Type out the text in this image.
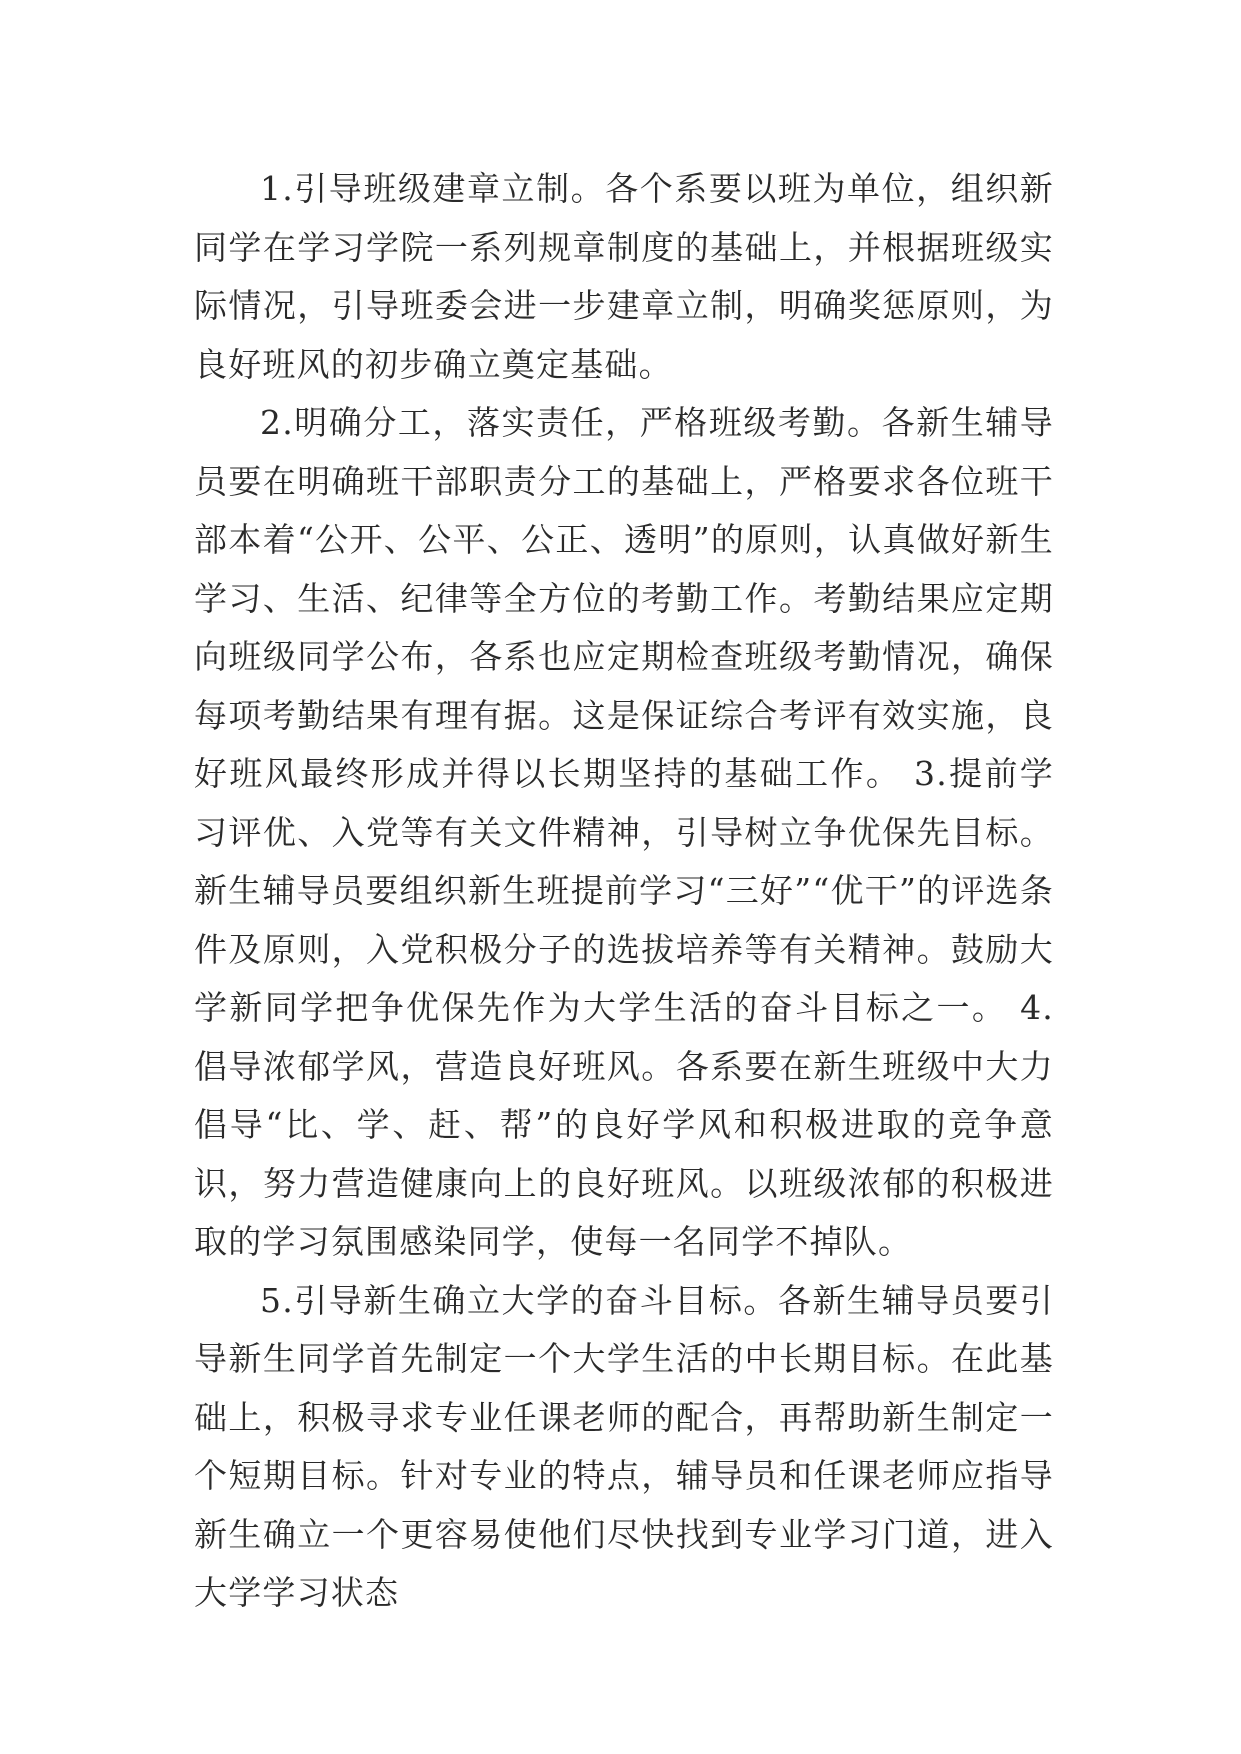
1.引导班级建章立制。各个系要以班为单位，组织新同学在学习学院一系列规章制度的基础上，并根据班级实际情况，引导班委会进一步建章立制，明确奖惩原则，为良好班风的初步确立奠定基础。

2.明确分工，落实责任，严格班级考勤。各新生辅导员要在明确班干部职责分工的基础上，严格要求各位班干部本着“公开、公平、公正、透明”的原则，认真做好新生学习、生活、纪律等全方位的考勤工作。考勤结果应定期向班级同学公布，各系也应定期检查班级考勤情况，确保每项考勤结果有理有据。这是保证综合考评有效实施，良好班风最终形成并得以长期坚持的基础工作。 3.提前学习评优、入党等有关文件精神，引导树立争优保先目标。新生辅导员要组织新生班提前学习“三好”“优干”的评选条件及原则，入党积极分子的选拔培养等有关精神。鼓励大学新同学把争优保先作为大学生活的奋斗目标之一。 4.倡导浓郁学风，营造良好班风。各系要在新生班级中大力倡导“比、学、赶、帮”的良好学风和积极进取的竞争意识，努力营造健康向上的良好班风。以班级浓郁的积极进取的学习氛围感染同学，使每一名同学不掉队。

5.引导新生确立大学的奋斗目标。各新生辅导员要引导新生同学首先制定一个大学生活的中长期目标。在此基础上，积极寻求专业任课老师的配合，再帮助新生制定一个短期目标。针对专业的特点，辅导员和任课老师应指导新生确立一个更容易使他们尽快找到专业学习门道，进入大学学习状态
